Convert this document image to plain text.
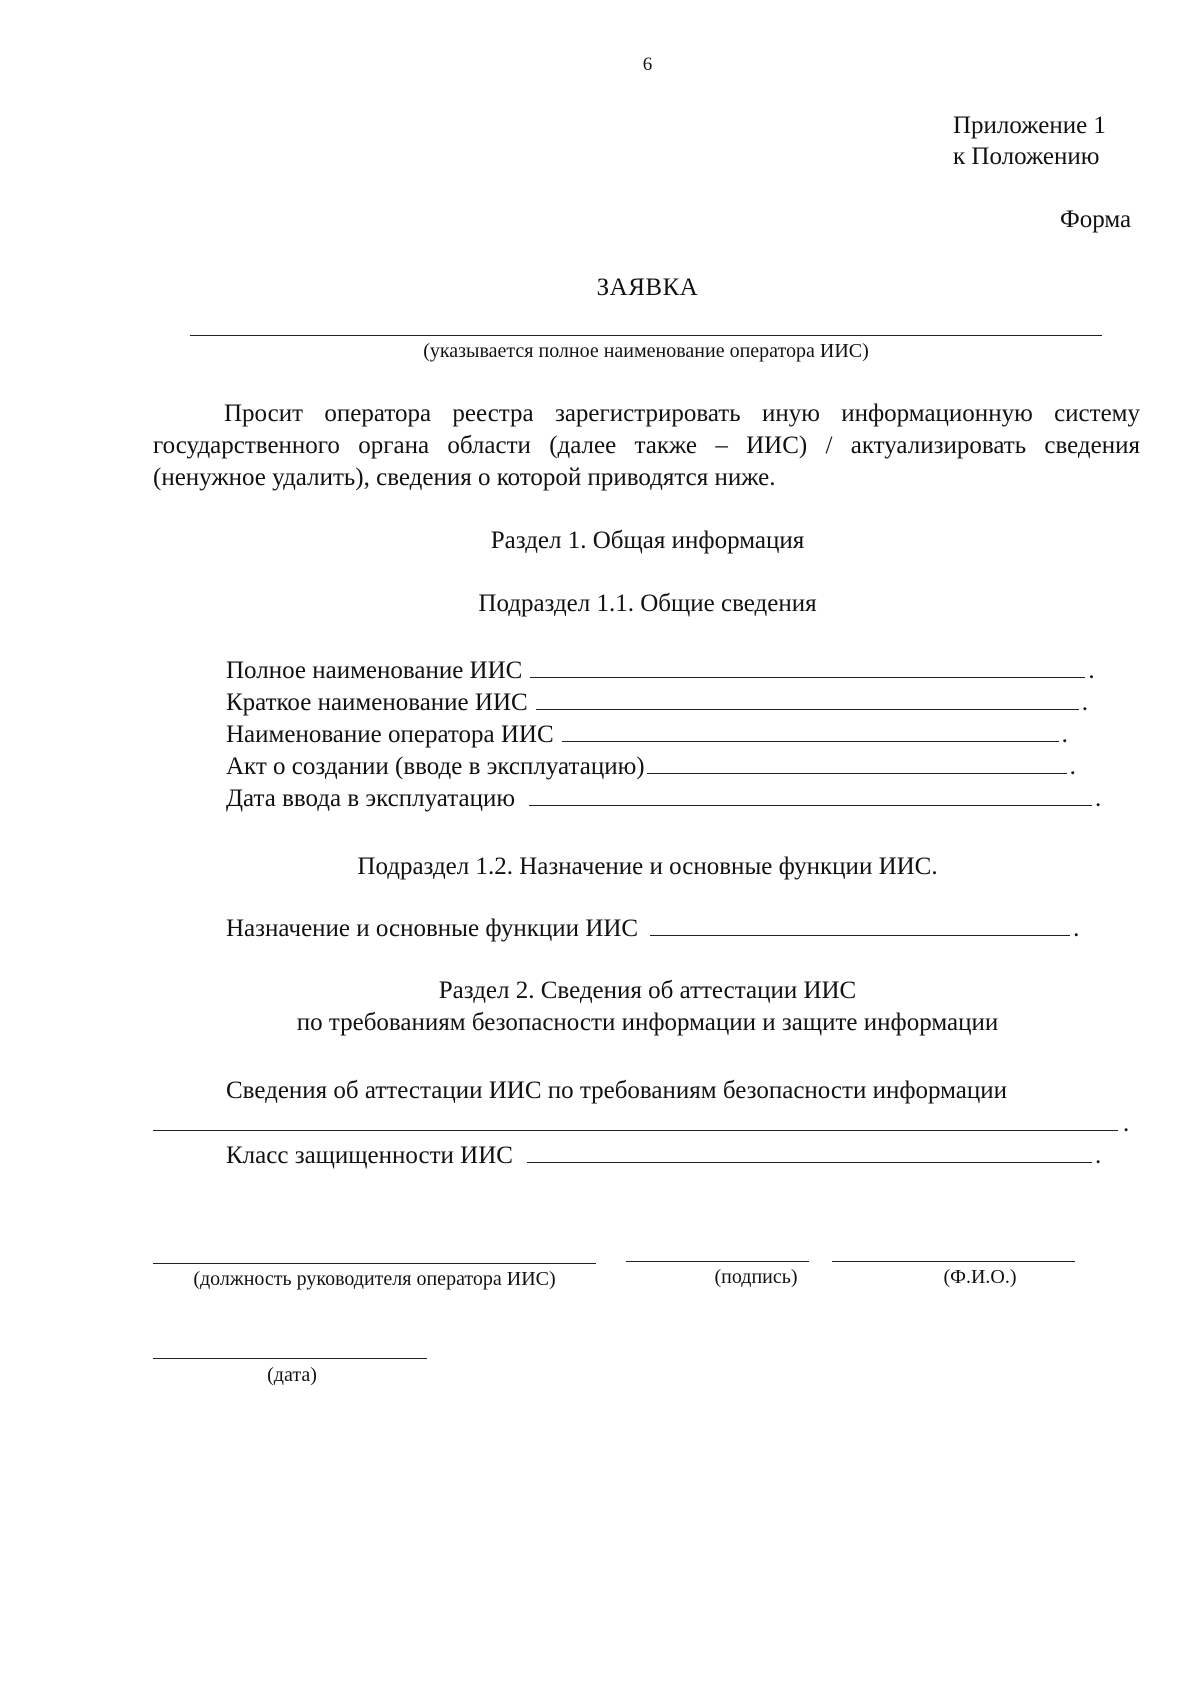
6
Приложение 1
к Положению
Форма
ЗАЯВКА
(указывается полное наименование оператора ИИС)

Просит оператора реестра зарегистрировать иную информационную систему государственного органа области (далее также – ИИС) / актуализировать сведения (ненужное удалить), сведения о которой приводятся ниже.

Раздел 1. Общая информация
Подраздел 1.1. Общие сведения
Полное наименование ИИС	.
Краткое наименование ИИС	.
Наименование оператора ИИС	.
Акт о создании (вводе в эксплуатацию)	.
Дата ввода в эксплуатацию	.
Подраздел 1.2. Назначение и основные функции ИИС.
Назначение и основные функции ИИС	.
Раздел 2. Сведения об аттестации ИИС
по требованиям безопасности информации и защите информации
Сведения об аттестации ИИС по требованиям безопасности информации
.
Класс защищенности ИИС	.
(должность руководителя оператора ИИС)	(подпись)	(Ф.И.О.)
(дата)
